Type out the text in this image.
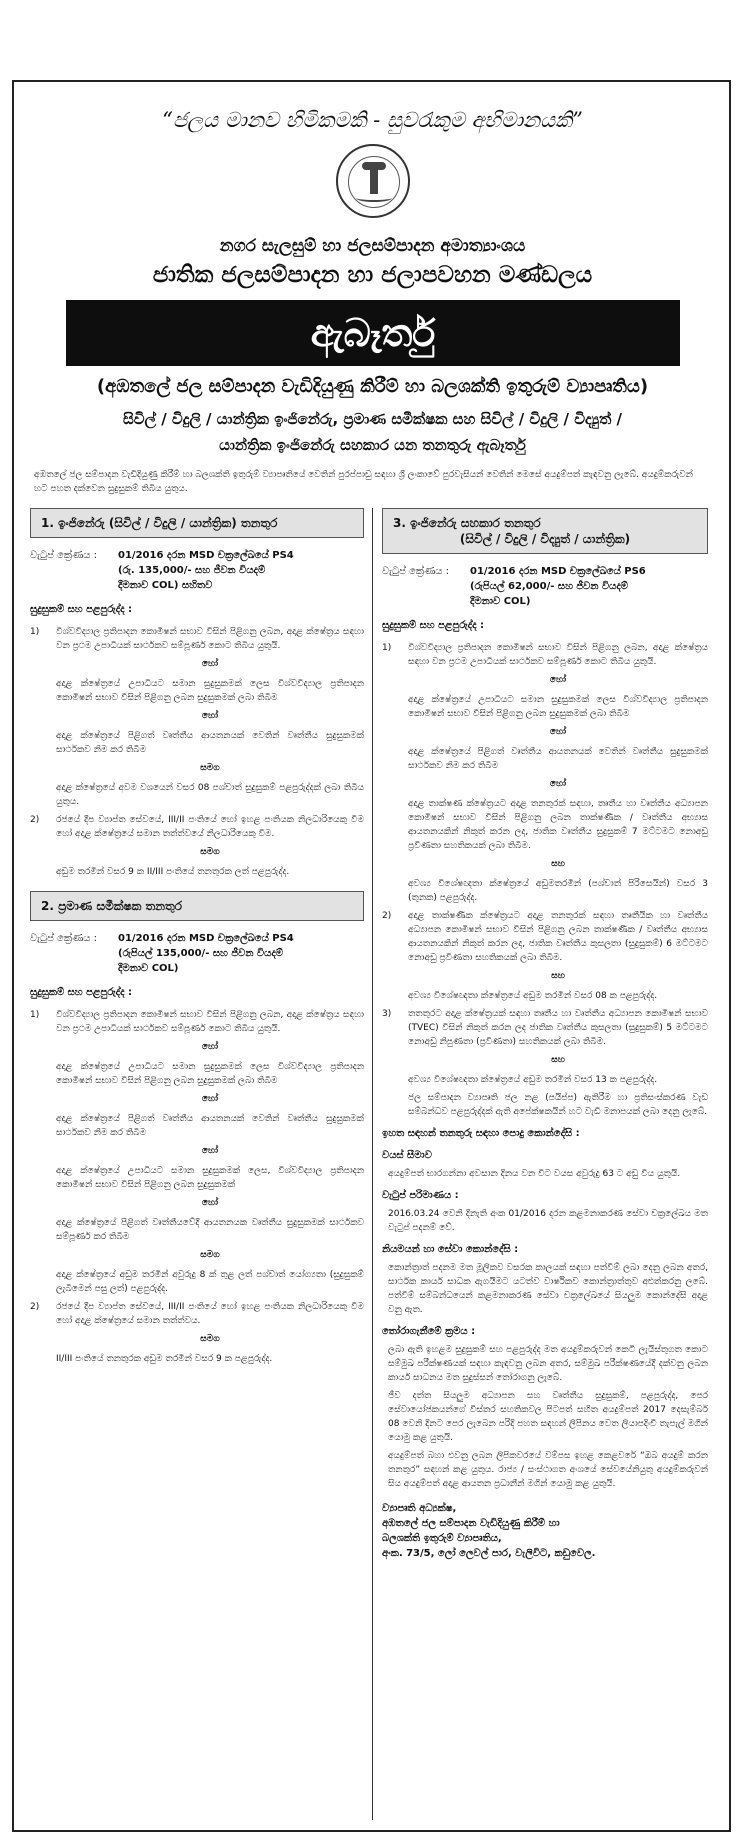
“ජලය මානව හිමිකමකි - සුවරැකුම අභිමානයකි”
නගර සැලසුම් හා ජලසම්පාදන අමාත්‍යාංශය
ජාතික ජලසම්පාදන හා ජලාපවහන මණ්ඩලය
ඇබෑර්තු
(අඹතලේ ජල සම්පාදන වැඩිදියුණු කිරීම් හා බලශක්ති ඉතුරුම් ව්‍යාපෘතිය)
සිවිල් / විදුලි / යාන්ත්‍රික ඉංජිනේරු, ප්‍රමාණ සමීක්ෂක සහ සිවිල් / විදුලි / විද්‍යුත් /
යාන්ත්‍රික ඉංජිනේරු සහකාර යන තනතුරු ඇබෑර්තු
අඹතලේ ජල සම්පාදන වැඩිදියුණු කිරීම් හා බලශක්ති ඉතුරුම් ව්‍යාපෘතියේ වෙතින් පුරප්පාඩු සඳහා ශ්‍රී ලංකාවේ පුරවැසියන් වෙතින් මෙසේ අයදුම්පත් කැඳවනු ලැබේ. අයදුම්කරුවන් හට පහත දක්වෙන සුදුසුකම් තිබිය යුතුය.
1. ඉංජිනේරු (සිවිල් / විදුලි / යාන්ත්‍රික) තනතුර
වැටුප් ක්‍රේණය : 01/2016 දරන MSD චක්‍රලේඛයේ PS4
(රු. 135,000/- සහ ජීවන වියදම්
දීමනාව COL) සහිතව
සුදුසුකම් සහ පළපුරුද්ද :
1)	විශ්වවිද්‍යාල ප්‍රතිපාදන කොමිෂන් සභාව විසින් පිළිගනු ලබන, අදාළ ක්ෂේත්‍රය සඳහා වන ප්‍රථම උපාධියක් සාර්ථකව සම්පූර්ණ කොට තිබිය යුතුයි.
හෝ
අදාළ ක්ෂේත්‍රයේ උපාධියට සමාන සුදුසුකමක් ලෙස විශ්වවිද්‍යාල ප්‍රතිපාදන කොමිෂන් සභාව විසින් පිළිගනු ලබන සුදුසුකමක් ලබා තිබීම
හෝ
අදාළ ක්ෂේත්‍රයේ පිළිගත් වෘත්තීය ආයතනයක් වෙතින් වෘත්තීය සුදුසුකමක් සාර්ථකව නිම කර තිබීම
සමග
අදාළ ක්ෂේත්‍රයේ අවම වශයෙන් වසර 08 පශ්චාත් සුදුසුකම් පළපුරුද්දක් ලබා තිබිය යුතුය.
2)	රජයේ දීප ව්‍යාප්ත සේවයේ, III/II පංතියේ හෝ ඉහළ පංතියක නිලධාරියෙකු වීම හෝ අදාළ ක්ෂේත්‍රයේ සමාන තත්ත්වයේ නිලධාරියෙකු වීම.
සමග
අඩුම තරමින් වසර 9 ක II/III පංතියේ තනතුරක ලත් පළපුරුද්ද.
2. ප්‍රමාණ සමීක්ෂක තනතුර
වැටුප් ක්‍රේණය : 01/2016 දරන MSD චක්‍රලේඛයේ PS4
(රුපියල් 135,000/- සහ ජීවන වියදම්
දීමනාව COL)
සුදුසුකම් සහ පළපුරුද්ද :
1)	විශ්වවිද්‍යාල ප්‍රතිපාදන කොමිෂන් සභාව විසින් පිළිගනු ලබන, අදාළ ක්ෂේත්‍රය සඳහා වන ප්‍රථම උපාධියක් සාර්ථකව සම්පූර්ණ කොට තිබිය යුතුයි.
හෝ
අදාළ ක්ෂේත්‍රයේ උපාධියට සමාන සුදුසුකමක් ලෙස විශ්වවිද්‍යාල ප්‍රතිපාදන කොමිෂන් සභාව විසින් පිළිගනු ලබන සුදුසුකමක් ලබා තිබීම
හෝ
අදාළ ක්ෂේත්‍රයේ පිළිගත් වෘත්තීය ආයතනයක් වෙතින් වෘත්තීය සුදුසුකමක් සාර්ථකව නිම කර තිබීම
හෝ
අදාළ ක්ෂේත්‍රයේ උපාධියට සමාන සුදුසුකමක් ලෙස, විශ්වවිද්‍යාල ප්‍රතිපාදන කොමිෂන් සභාව විසින් පිළිගනු ලබන සුදුසුකමක්
හෝ
අදාළ ක්ෂේත්‍රයේ පිළිගත් වෘත්තීයවේදී ආයතනයක වෘත්තීය සුදුසුකමක් සාර්ථකව සම්පූර්ණ කර තිබීම
සමග
අදාළ ක්ෂේත්‍රයේ අඩුම තරමින් අවුරුදු 8 ක් තුළ ලත් පශ්චාත් යෝග්‍යතා (සුදුසුකම් ලැබීමෙන් පසු ලත්) පළපුරුද්ද.
2)	රජයේ දීප ව්‍යාප්ත සේවයේ, III/II පංතියේ හෝ ඉහළ පංතියක නිලධාරියෙකු වීම හෝ අදාළ ක්ෂේත්‍රයේ සමාන තත්ත්වය.
සමග
II/III පංතියේ තනතුරක අඩුම තරමින් වසර 9 ක පළපුරුද්ද.
3. ඉංජිනේරු සහකාර තනතුර
(සිවිල් / විදුලි / විද්‍යුත් / යාන්ත්‍රික)
වැටුප් ක්‍රේණය : 01/2016 දරන MSD චක්‍රලේඛයේ PS6
(රුපියල් 62,000/- සහ ජීවන වියදම්
දීමනාව COL)
සුදුසුකම් සහ පළපුරුද්ද :
1)	විශ්වවිද්‍යාල ප්‍රතිපාදන කොමිෂන් සභාව විසින් පිළිගනු ලබන, අදාළ ක්ෂේත්‍රය සඳහා වන ප්‍රථම උපාධියක් සාර්ථකව සම්පූර්ණ කොට තිබිය යුතුයි.
හෝ
අදාළ ක්ෂේත්‍රයේ උපාධියට සමාන සුදුසුකමක් ලෙස විශ්වවිද්‍යාල ප්‍රතිපාදන කොමිෂන් සභාව විසින් පිළිගනු ලබන සුදුසුකමක් ලබා තිබීම
හෝ
අදාළ ක්ෂේත්‍රයේ පිළිගත් වෘත්තීය ආයතනයක් වෙතින් වෘත්තීය සුදුසුකමක් සාර්ථකව නිම කර තිබීම
හෝ
අදාළ තාක්ෂණ ක්ෂේත්‍රයට අදාළ තනතුරක් සඳහා, තෘතීය හා වෘත්තීය අධ්‍යාපන කොමිෂන් සභාව විසින් පිළිගනු ලබන තාක්ෂණික / වෘත්තීය අභ්‍යාස ආයතනයකින් නිකුත් කරන ලද, ජාතික වෘත්තීය සුදුසුකම් 7 මට්ටමට නොඅඩු ප්‍රවීණතා සහතිකයක් ලබා තිබීම.
සහ
අවශ්‍ය විශේෂඥතා ක්ෂේත්‍රයේ අඩුමතරමින් (පශ්චාත් පිරිසෙයින්) වසර 3 (තුනක) පළපුරුද්ද.
2)	අදාළ තාක්ෂණික ක්ෂේත්‍රයට අදාළ තනතුරක් සඳහා තෘතීයික හා වෘත්තීය අධ්‍යාපන කොමිෂන් සභාව විසින් පිළිගනු ලබන තාක්ෂණික / වෘත්තීය අභ්‍යාස ආයතනයකින් නිකුත් කරන ලද, ජාතික වෘත්තීය කුසලතා (සුදුසුකම්) 6 මට්ටමට නොඅඩු ප්‍රවීණතා සහතිකයක් ලබා තිබීම.
සහ
අවශ්‍ය විශේෂඥතා ක්ෂේත්‍රයේ අඩුම තරමින් වසර 08 ක පළපුරුද්ද.
3)	තතතුරට අදාළ ක්ෂේත්‍රයක් සඳහා තෘතීය හා වෘත්තීය අධ්‍යාපන කොමිෂන් සභාව (TVEC) විසින් නිකුත් කරන ලද ජාතික වෘත්තීය කුසලතා (සුදුසුකම්) 5 මට්ටමට නොඅඩු නිපුණතා (ප්‍රවීණතා) සහතිකයක් ලබා තිබීම.
සහ
අවශ්‍ය විශේෂඥතා ක්ෂේත්‍රයේ අඩුම තරමින් වසර 13 ක පළපුරුද්ද.
ජල සම්පාදන ව්‍යාපෘති ජල නළ (පයිප්ප) ඇතිරීම හා ප්‍රතිසංස්කරණ වැඩ සම්බන්ධව පළපුරුද්දක් ඇති අපේක්ෂකයින් හට වැඩි මනාපයක් ලබා දෙනු ලැබේ.
ඉහත සඳහන් තනතුරු සඳහා පොදු කොන්දේසි :
වයස් සීමාව
අයදුම්පත් භාරගන්නා අවසාන දිනය වන විට වයස අවුරුදු 63 ට අඩු විය යුතුයි.
වැටුප් පරිමාණය :
2016.03.24 වෙනි දිනැති අංක 01/2016 දරන කළමනාකරණ සේවා චක්‍රලේඛය මත වැටුප් පදනම් වේ.
නියමයන් හා සේවා කොන්දේසි :
කොන්ත්‍රාත් පදනම මත මූලිකව වසරක කාලයක් සඳහා පත්වීම් ලබා දෙනු ලබන අතර, සාර්ථක කාර්ය සාධක ඇගයීමට යටත්ව වාර්ෂිකව කොන්ත්‍රාත්තුව අළුත්කරනු ලබේ. පත්වීම් සම්බන්ධයෙන් කළමනාකරණ සේවා චක්‍රලේඛයේ සියලුම කොන්දේසි අදාළ වනු ඇත.
තෝරාගැනීමේ ක්‍රමය :
ලබා ඇති ඉහළම සුදුසුකම් සහ පළපුරුද්ද මත අයදුම්කරුවන් කෙටි ලැයිස්තුගත කොට සම්මුඛ පරීක්ෂණයක් සඳහා කැඳවනු ලබන අතර, සම්මුඛ පරීක්ෂණයේදී දක්වනු ලබන කාර්ය සාධනය මත සුදුස්සන් තෝරාගනු ලැබේ.
ජීව දත්ත සියලුම අධ්‍යාපන සහ වෘත්තීය සුදුසුකම්, පළපුරුද්ද, පෙර සේවායෝජකයන්ගේ විස්තර සහතිකවල පිටපත් සහිත අයදුම්පත් 2017 දෙසැම්බර් 08 වෙනි දිනට පෙර ලැබෙන පරිදි පහත සඳහන් ලිපිනය වෙත ලියාපදිංචි තැපැල් මගින් යොමු කළ යුතුයි.
අයදුම්පත් බහා එවනු ලබන ලිපිකවරයේ වම්පස ඉහළ කෙළවරේ “ඔබ අයදුම් කරන තනතුර” සඳහන් කළ යුතුය. රාජ්‍ය / සංස්ථාගත අංශයේ සේවයේනියුතු අයදුම්කරුවන් සිය අයදුම්පත් අදාළ ආයතන ප්‍රධානීන් මගින් යොමු කළ යුතුයි.
ව්‍යාපෘති අධ්‍යක්ෂ,
අඹතලේ ජල සම්පාදන වැඩිදියුණු කිරීම් හා
බලශක්ති ඉතුරුම් ව්‍යාපෘතිය,
අංක. 73/5, ලෝ ලෙවල් පාර, වැලිවිට, කඩුවෙල.
